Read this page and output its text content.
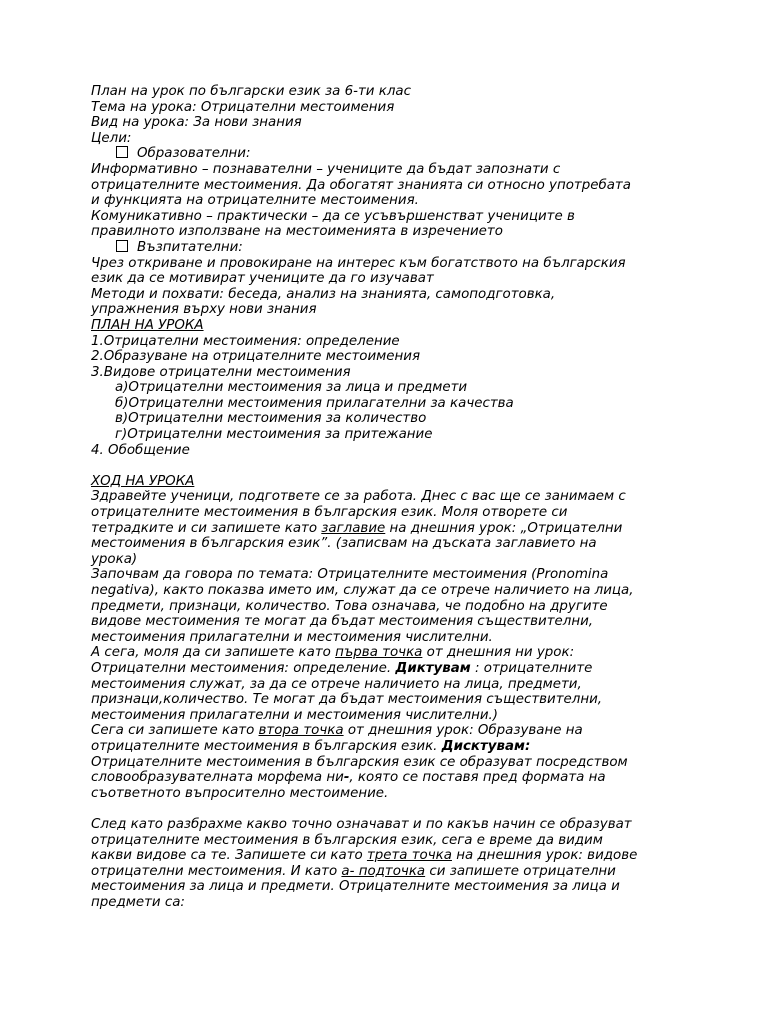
План на урок по български език за 6-ти клас
Тема на урока: Отрицателни местоимения
Вид на урока: За нови знания
Цели:
Образователни:
Информативно – познавателни – учениците да бъдат запознати с
отрицателните местоимения. Да обогатят знанията си относно употребата
и функцията на отрицателните местоимения.
Комуникативно – практически – да се усъвършенстват учениците в
правилното използване на местоименията в изречението
Възпитателни:
Чрез откриване и провокиране на интерес към богатството на българския
език да се мотивират учениците да го изучават
Методи и похвати: беседа, анализ на знанията, самоподготовка,
упражнения върху нови знания
ПЛАН НА УРОКА
1.Отрицателни местоимения: определение
2.Образуване на отрицателните местоимения
3.Видове отрицателни местоимения
а)Отрицателни местоимения за лица и предмети
б)Отрицателни местоимения прилагателни за качества
в)Отрицателни местоимения за количество
г)Отрицателни местоимения за притежание
4. Обобщение
ХОД НА УРОКА
Здравейте ученици, подгответе се за работа. Днес с вас ще се занимаем с
отрицателните местоимения в българския език. Моля отворете си
тетрадките и си запишете като заглавие на днешния урок: „Отрицателни
местоимения в българския език”. (записвам на дъската заглавието на
урока)
Започвам да говора по темата: Отрицателните местоимения (Pronomina
negativa), както показва името им, служат да се отрече наличието на лица,
предмети, признаци, количество. Това означава, че подобно на другите
видове местоимения те могат да бъдат местоимения съществителни,
местоимения прилагателни и местоимения числителни.
А сега, моля да си запишете като първа точка от днешния ни урок:
Отрицателни местоимения: определение. Диктувам : отрицателните
местоимения служат, за да се отрече наличието на лица, предмети,
признаци,количество. Те могат да бъдат местоимения съществителни,
местоимения прилагателни и местоимения числителни.)
Сега си запишете като втора точка от днешния урок: Образуване на
отрицателните местоимения в българския език. Дисктувам:
Отрицателните местоимения в българския език се образуват посредством
словообразувателната морфема ни-, която се поставя пред формата на
съответното въпросително местоимение.
След като разбрахме какво точно означават и по какъв начин се образуват
отрицателните местоимения в българския език, сега е време да видим
какви видове са те. Запишете си като трета точка на днешния урок: видове
отрицателни местоимения. И като а- подточка си запишете отрицателни
местоимения за лица и предмети. Отрицателните местоимения за лица и
предмети са:
